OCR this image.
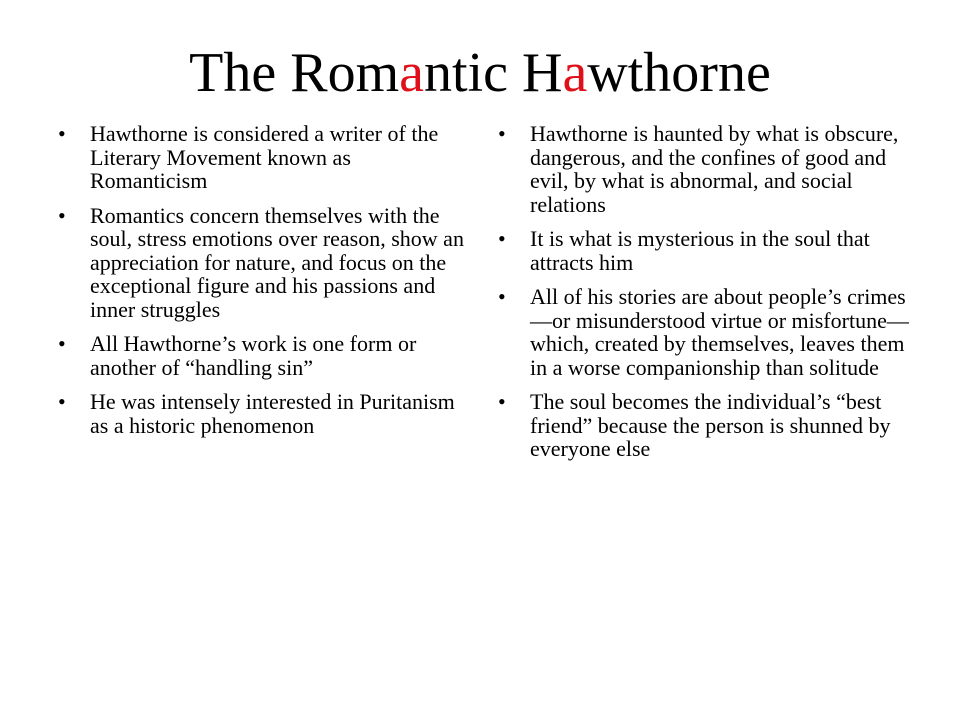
The Romantic Hawthorne
• Hawthorne is considered a writer of the Literary Movement known as Romanticism
• Romantics concern themselves with the soul, stress emotions over reason, show an appreciation for nature, and focus on the exceptional figure and his passions and inner struggles
• All Hawthorne’s work is one form or another of “handling sin”
• He was intensely interested in Puritanism as a historic phenomenon
• Hawthorne is haunted by what is obscure, dangerous, and the confines of good and evil, by what is abnormal, and social relations
• It is what is mysterious in the soul that attracts him
• All of his stories are about people’s crimes—or misunderstood virtue or misfortune—which, created by themselves, leaves them in a worse companionship than solitude
• The soul becomes the individual’s “best friend” because the person is shunned by everyone else
